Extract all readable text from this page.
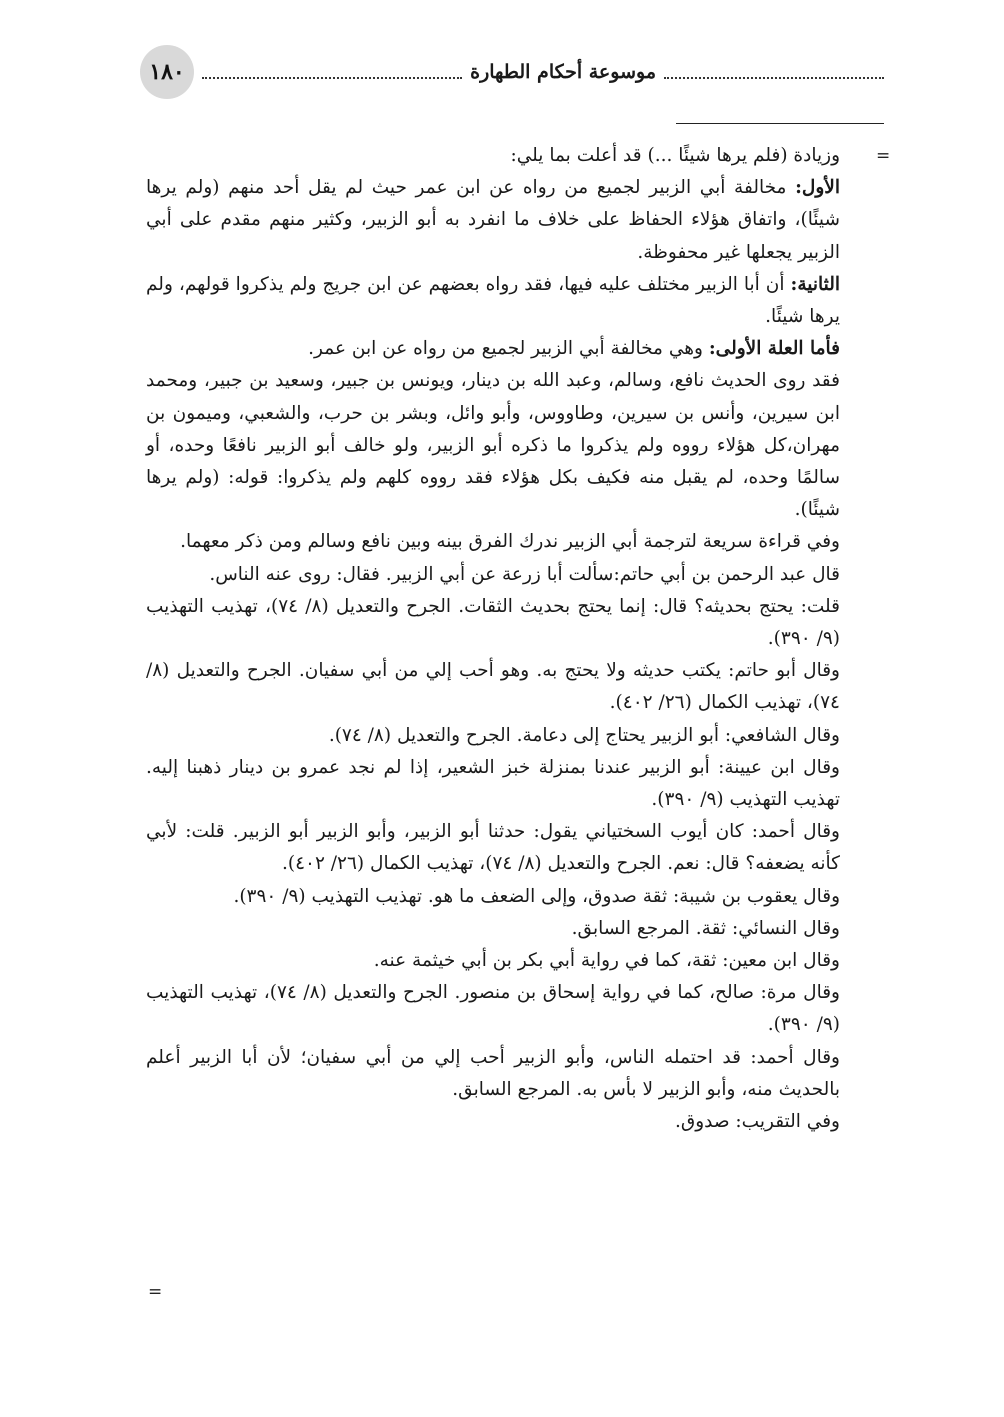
١٨٠	موسوعة أحكام الطهارة
=

وزيادة (فلم يرها شيئًا ...) قد أعلت بما يلي:

الأول: مخالفة أبي الزبير لجميع من رواه عن ابن عمر حيث لم يقل أحد منهم (ولم يرها شيئًا)، واتفاق هؤلاء الحفاظ على خلاف ما انفرد به أبو الزبير، وكثير منهم مقدم على أبي الزبير يجعلها غير محفوظة.

الثانية: أن أبا الزبير مختلف عليه فيها، فقد رواه بعضهم عن ابن جريج ولم يذكروا قولهم، ولم يرها شيئًا.

فأما العلة الأولى: وهي مخالفة أبي الزبير لجميع من رواه عن ابن عمر.

فقد روى الحديث نافع، وسالم، وعبد الله بن دينار، ويونس بن جبير، وسعيد بن جبير، ومحمد ابن سيرين، وأنس بن سيرين، وطاووس، وأبو وائل، وبشر بن حرب، والشعبي، وميمون بن مهران،كل هؤلاء رووه ولم يذكروا ما ذكره أبو الزبير، ولو خالف أبو الزبير نافعًا وحده، أو سالمًا وحده، لم يقبل منه فكيف بكل هؤلاء فقد رووه كلهم ولم يذكروا: قوله: (ولم يرها شيئًا).

وفي قراءة سريعة لترجمة أبي الزبير ندرك الفرق بينه وبين نافع وسالم ومن ذكر معهما.

قال عبد الرحمن بن أبي حاتم:سألت أبا زرعة عن أبي الزبير. فقال: روى عنه الناس.

قلت: يحتج بحديثه؟ قال: إنما يحتج بحديث الثقات. الجرح والتعديل (٨/ ٧٤)، تهذيب التهذيب (٩/ ٣٩٠).

وقال أبو حاتم: يكتب حديثه ولا يحتج به. وهو أحب إلي من أبي سفيان. الجرح والتعديل (٨/ ٧٤)، تهذيب الكمال (٢٦/ ٤٠٢).

وقال الشافعي: أبو الزبير يحتاج إلى دعامة. الجرح والتعديل (٨/ ٧٤).

وقال ابن عيينة: أبو الزبير عندنا بمنزلة خبز الشعير، إذا لم نجد عمرو بن دينار ذهبنا إليه. تهذيب التهذيب (٩/ ٣٩٠).

وقال أحمد: كان أيوب السختياني يقول: حدثنا أبو الزبير، وأبو الزبير أبو الزبير. قلت: لأبي كأنه يضعفه؟ قال: نعم. الجرح والتعديل (٨/ ٧٤)، تهذيب الكمال (٢٦/ ٤٠٢).

وقال يعقوب بن شيبة: ثقة صدوق، وإلى الضعف ما هو. تهذيب التهذيب (٩/ ٣٩٠).

وقال النسائي: ثقة. المرجع السابق.

وقال ابن معين: ثقة، كما في رواية أبي بكر بن أبي خيثمة عنه.

وقال مرة: صالح، كما في رواية إسحاق بن منصور. الجرح والتعديل (٨/ ٧٤)، تهذيب التهذيب (٩/ ٣٩٠).

وقال أحمد: قد احتمله الناس، وأبو الزبير أحب إلي من أبي سفيان؛ لأن أبا الزبير أعلم بالحديث منه، وأبو الزبير لا بأس به. المرجع السابق.

وفي التقريب: صدوق.

=
